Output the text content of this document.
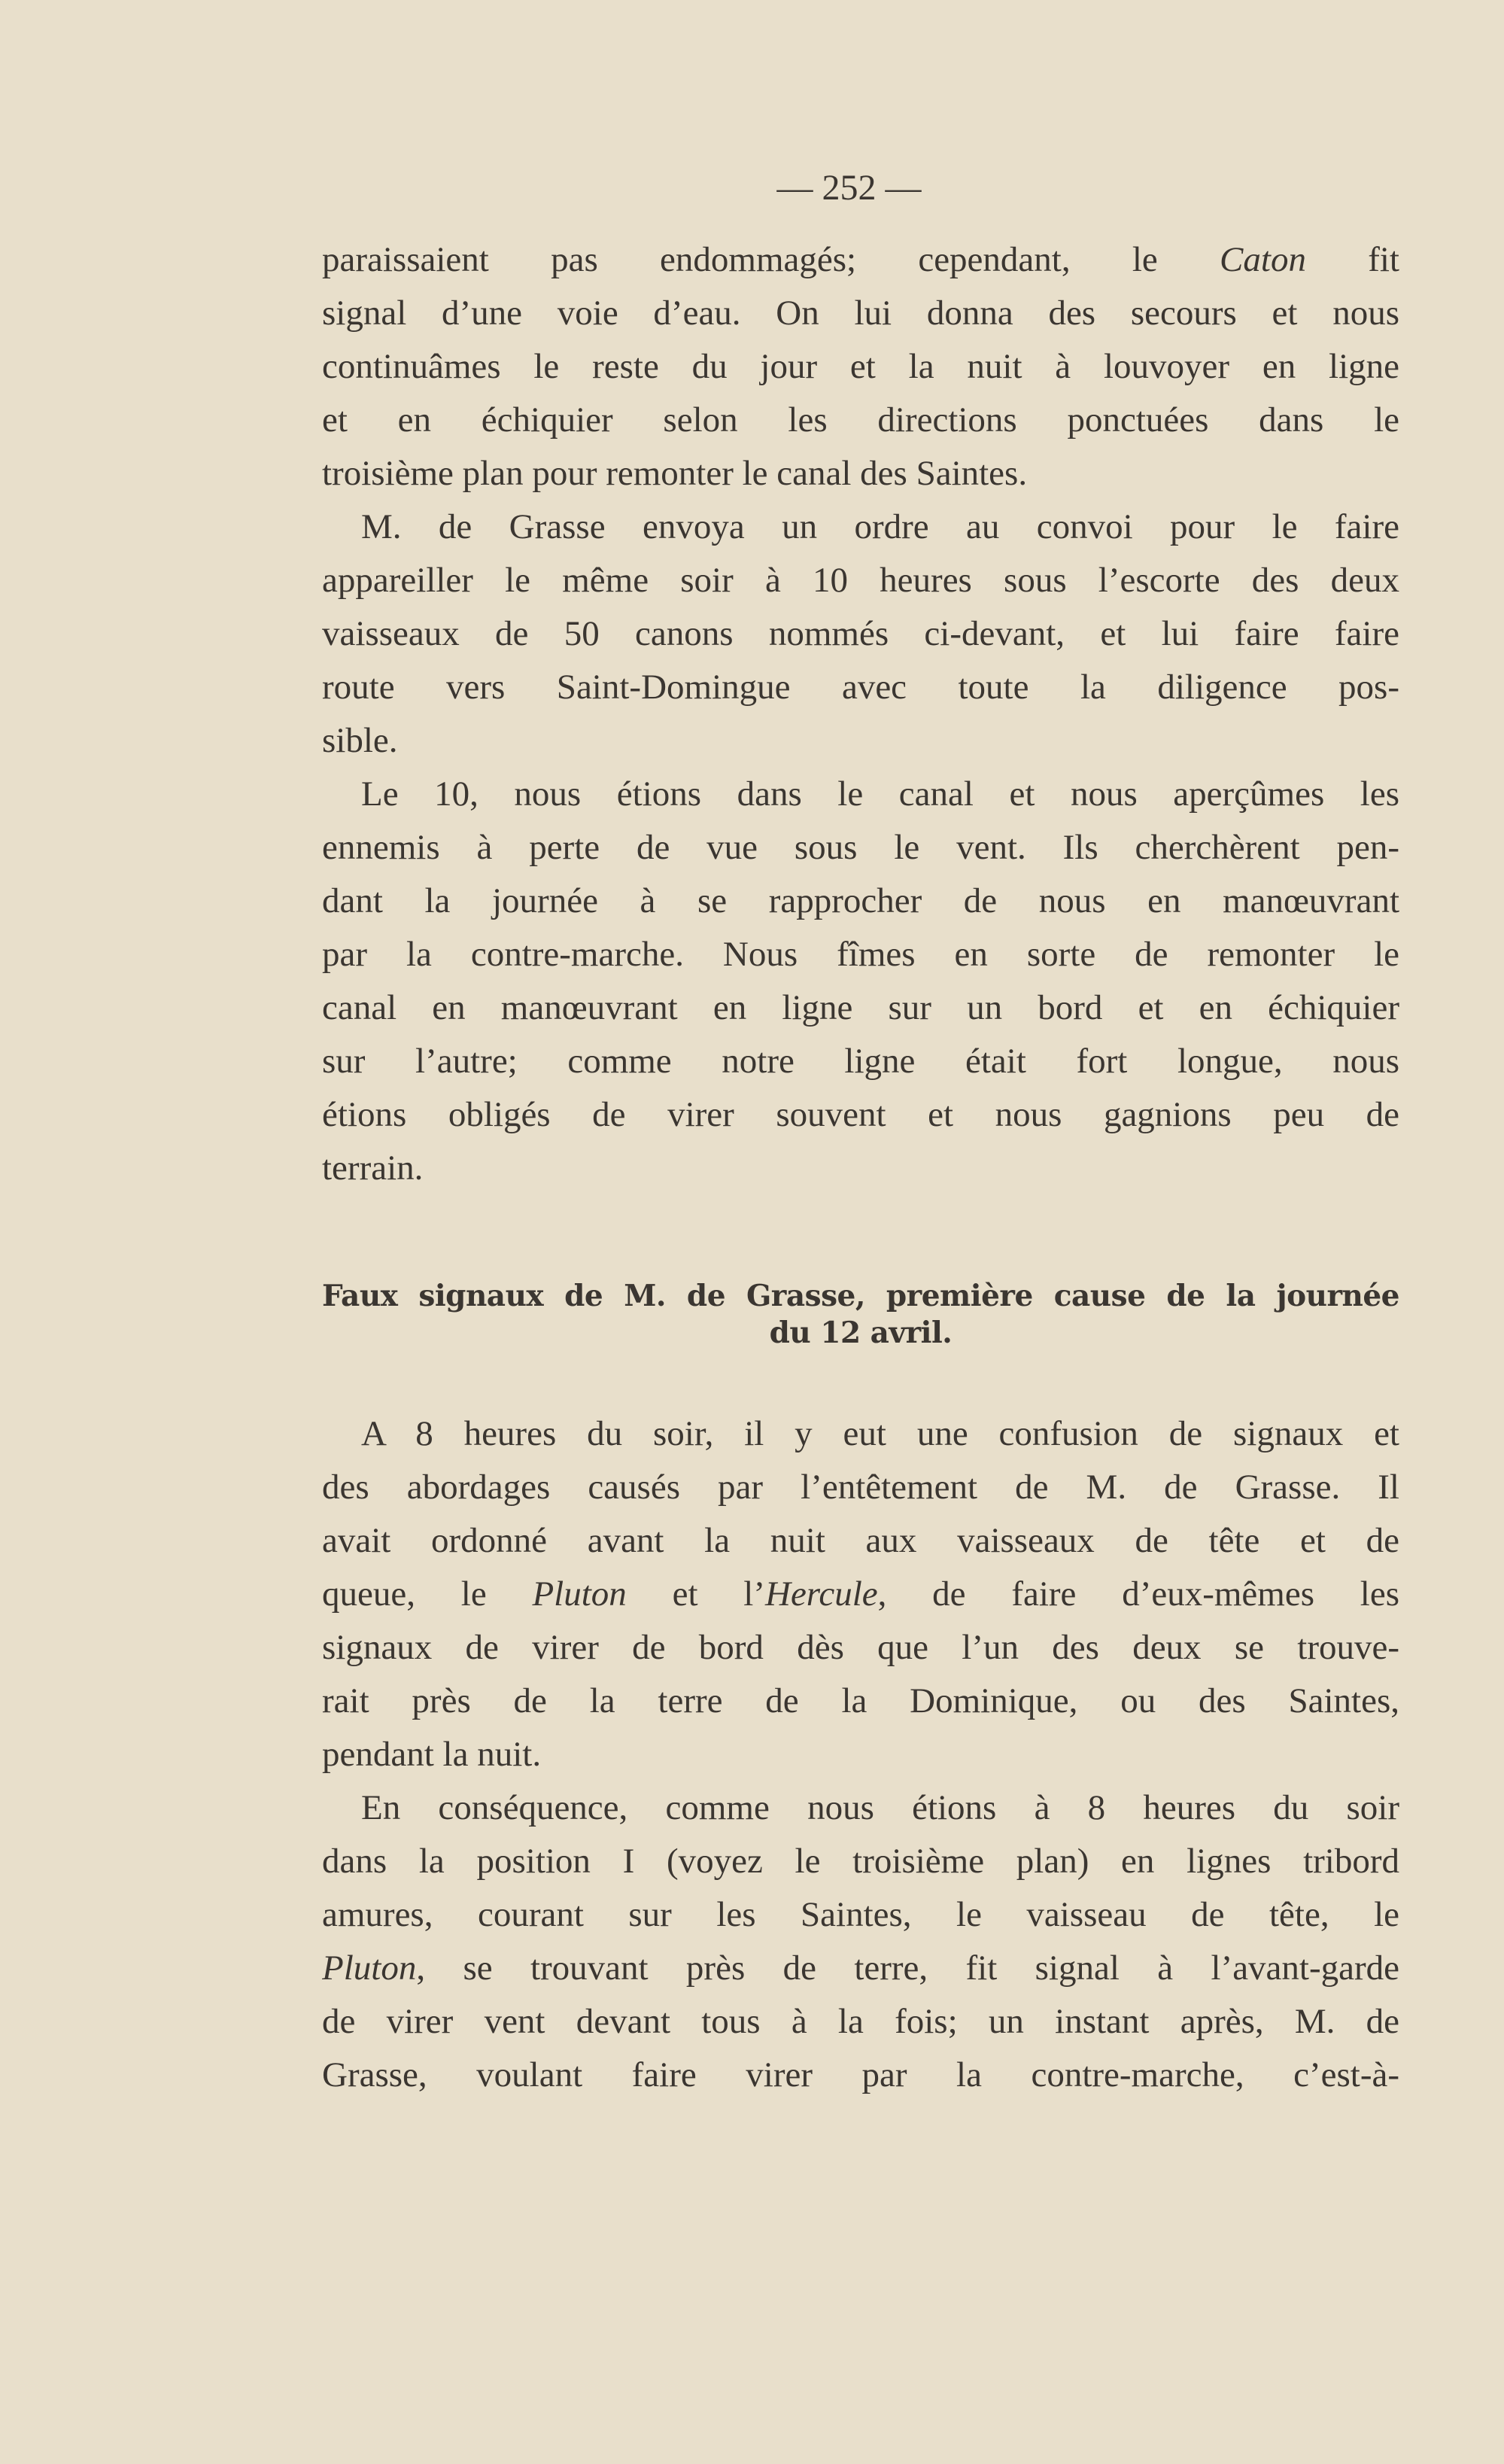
— 252 —
paraissaient pas endommagés; cependant, le Caton fit
signal d’une voie d’eau. On lui donna des secours et nous
continuâmes le reste du jour et la nuit à louvoyer en ligne
et en échiquier selon les directions ponctuées dans le
troisième plan pour remonter le canal des Saintes.
M. de Grasse envoya un ordre au convoi pour le faire
appareiller le même soir à 10 heures sous l’escorte des deux
vaisseaux de 50 canons nommés ci-devant, et lui faire faire
route vers Saint-Domingue avec toute la diligence pos-
sible.
Le 10, nous étions dans le canal et nous aperçûmes les
ennemis à perte de vue sous le vent. Ils cherchèrent pen-
dant la journée à se rapprocher de nous en manœuvrant
par la contre-marche. Nous fîmes en sorte de remonter le
canal en manœuvrant en ligne sur un bord et en échiquier
sur l’autre; comme notre ligne était fort longue, nous
étions obligés de virer souvent et nous gagnions peu de
terrain.
Faux signaux de M. de Grasse, première cause de la journée
du 12 avril.
A 8 heures du soir, il y eut une confusion de signaux et
des abordages causés par l’entêtement de M. de Grasse. Il
avait ordonné avant la nuit aux vaisseaux de tête et de
queue, le Pluton et l’Hercule, de faire d’eux-mêmes les
signaux de virer de bord dès que l’un des deux se trouve-
rait près de la terre de la Dominique, ou des Saintes,
pendant la nuit.
En conséquence, comme nous étions à 8 heures du soir
dans la position I (voyez le troisième plan) en lignes tribord
amures, courant sur les Saintes, le vaisseau de tête, le
Pluton, se trouvant près de terre, fit signal à l’avant-garde
de virer vent devant tous à la fois; un instant après, M. de
Grasse, voulant faire virer par la contre-marche, c’est-à-
